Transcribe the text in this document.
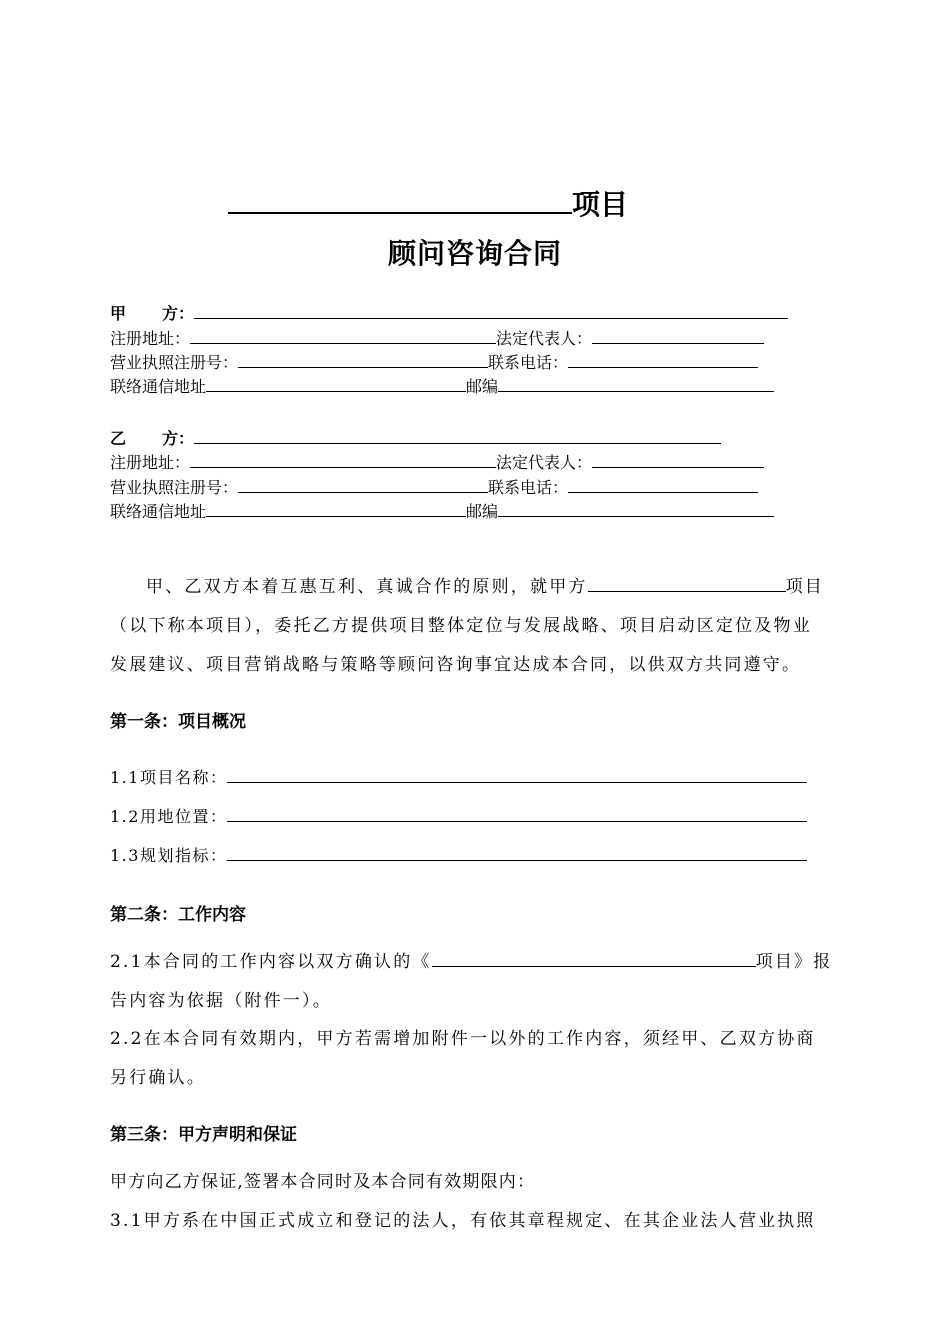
项目
顾问咨询合同
甲 方：
注册地址：	法定代表人：
营业执照注册号：	联系电话：
联络通信地址	邮编
乙 方：
注册地址：	法定代表人：
营业执照注册号：	联系电话：
联络通信地址	邮编
甲、乙双方本着互惠互利、真诚合作的原则，就甲方	项目
（以下称本项目），委托乙方提供项目整体定位与发展战略、项目启动区定位及物业
发展建议、项目营销战略与策略等顾问咨询事宜达成本合同，以供双方共同遵守。
第一条：项目概况
1.1项目名称：
1.2用地位置：
1.3规划指标：
第二条：工作内容
2.1本合同的工作内容以双方确认的《	项目》报
告内容为依据（附件一）。
2.2在本合同有效期内，甲方若需增加附件一以外的工作内容，须经甲、乙双方协商
另行确认。
第三条：甲方声明和保证
甲方向乙方保证,签署本合同时及本合同有效期限内：
3.1甲方系在中国正式成立和登记的法人，有依其章程规定、在其企业法人营业执照
